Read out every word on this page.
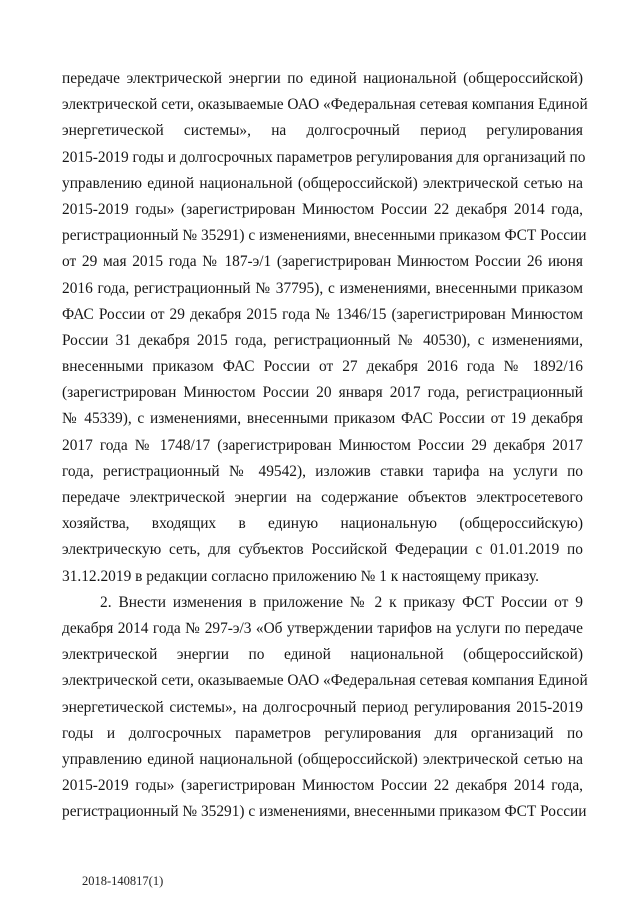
передаче электрической энергии по единой национальной (общероссийской)
электрической сети, оказываемые ОАО «Федеральная сетевая компания Единой
энергетической системы», на долгосрочный период регулирования
2015-2019 годы и долгосрочных параметров регулирования для организаций по
управлению единой национальной (общероссийской) электрической сетью на
2015-2019 годы» (зарегистрирован Минюстом России 22 декабря 2014 года,
регистрационный № 35291) с изменениями, внесенными приказом ФСТ России
от 29 мая 2015 года № 187-э/1 (зарегистрирован Минюстом России 26 июня
2016 года, регистрационный № 37795), с изменениями, внесенными приказом
ФАС России от 29 декабря 2015 года № 1346/15 (зарегистрирован Минюстом
России 31 декабря 2015 года, регистрационный № 40530), с изменениями,
внесенными приказом ФАС России от 27 декабря 2016 года № 1892/16
(зарегистрирован Минюстом России 20 января 2017 года, регистрационный
№ 45339), с изменениями, внесенными приказом ФАС России от 19 декабря
2017 года № 1748/17 (зарегистрирован Минюстом России 29 декабря 2017
года, регистрационный № 49542), изложив ставки тарифа на услуги по
передаче электрической энергии на содержание объектов электросетевого
хозяйства, входящих в единую национальную (общероссийскую)
электрическую сеть, для субъектов Российской Федерации с 01.01.2019 по
31.12.2019 в редакции согласно приложению № 1 к настоящему приказу.
2. Внести изменения в приложение № 2 к приказу ФСТ России от 9
декабря 2014 года № 297-э/3 «Об утверждении тарифов на услуги по передаче
электрической энергии по единой национальной (общероссийской)
электрической сети, оказываемые ОАО «Федеральная сетевая компания Единой
энергетической системы», на долгосрочный период регулирования 2015-2019
годы и долгосрочных параметров регулирования для организаций по
управлению единой национальной (общероссийской) электрической сетью на
2015-2019 годы» (зарегистрирован Минюстом России 22 декабря 2014 года,
регистрационный № 35291) с изменениями, внесенными приказом ФСТ России
2018-140817(1)
